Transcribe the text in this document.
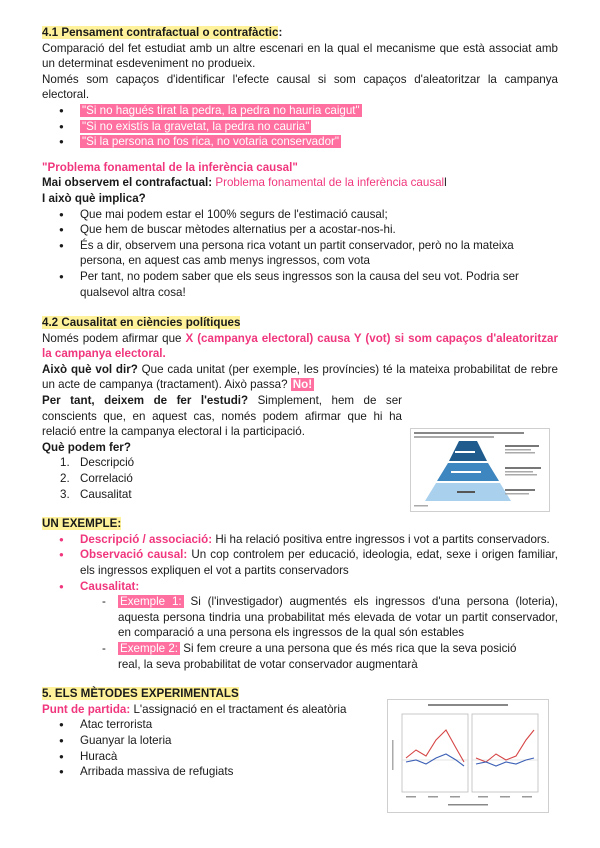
4.1 Pensament contrafactual o contrafàctic:
Comparació del fet estudiat amb un altre escenari en la qual el mecanisme que està associat amb un determinat esdeveniment no produeix.
Només som capaços d'identificar l'efecte causal si som capaços d'aleatoritzar la campanya electoral.
● "Si no hagués tirat la pedra, la pedra no hauria caigut"
● "Si no existís la gravetat, la pedra no cauria"
● "Si la persona no fos rica, no votaria conservador"
"Problema fonamental de la inferència causal"
Mai observem el contrafactual: Problema fonamental de la inferència causall
I això què implica?
● Que mai podem estar el 100% segurs de l'estimació causal;
● Que hem de buscar mètodes alternatius per a acostar-nos-hi.
● És a dir, observem una persona rica votant un partit conservador, però no la mateixa persona, en aquest cas amb menys ingressos, com vota
● Per tant, no podem saber que els seus ingressos son la causa del seu vot. Podria ser qualsevol altra cosa!
4.2 Causalitat en ciències polítiques
Només podem afirmar que X (campanya electoral) causa Y (vot) si som capaços d'aleatoritzar la campanya electoral.
Això què vol dir? Que cada unitat (per exemple, les províncies) té la mateixa probabilitat de rebre un acte de campanya (tractament). Això passa? No!
Per tant, deixem de fer l'estudi? Simplement, hem de ser conscients que, en aquest cas, només podem afirmar que hi ha relació entre la campanya electoral i la participació.
Què podem fer?
1. Descripció
2. Correlació
3. Causalitat
UN EXEMPLE:
● Descripció / associació: Hi ha relació positiva entre ingressos i vot a partits conservadors.
● Observació causal: Un cop controlem per educació, ideologia, edat, sexe i origen familiar, els ingressos expliquen el vot a partits conservadors
● Causalitat:
- Exemple 1: Si (l'investigador) augmentés els ingressos d'una persona (loteria), aquesta persona tindria una probabilitat més elevada de votar un partit conservador, en comparació a una persona els ingressos de la qual són estables
- Exemple 2: Si fem creure a una persona que és més rica que la seva posició real, la seva probabilitat de votar conservador augmentarà
5. ELS MÈTODES EXPERIMENTALS
Punt de partida: L'assignació en el tractament és aleatòria
● Atac terrorista
● Guanyar la loteria
● Huracà
● Arribada massiva de refugiats
